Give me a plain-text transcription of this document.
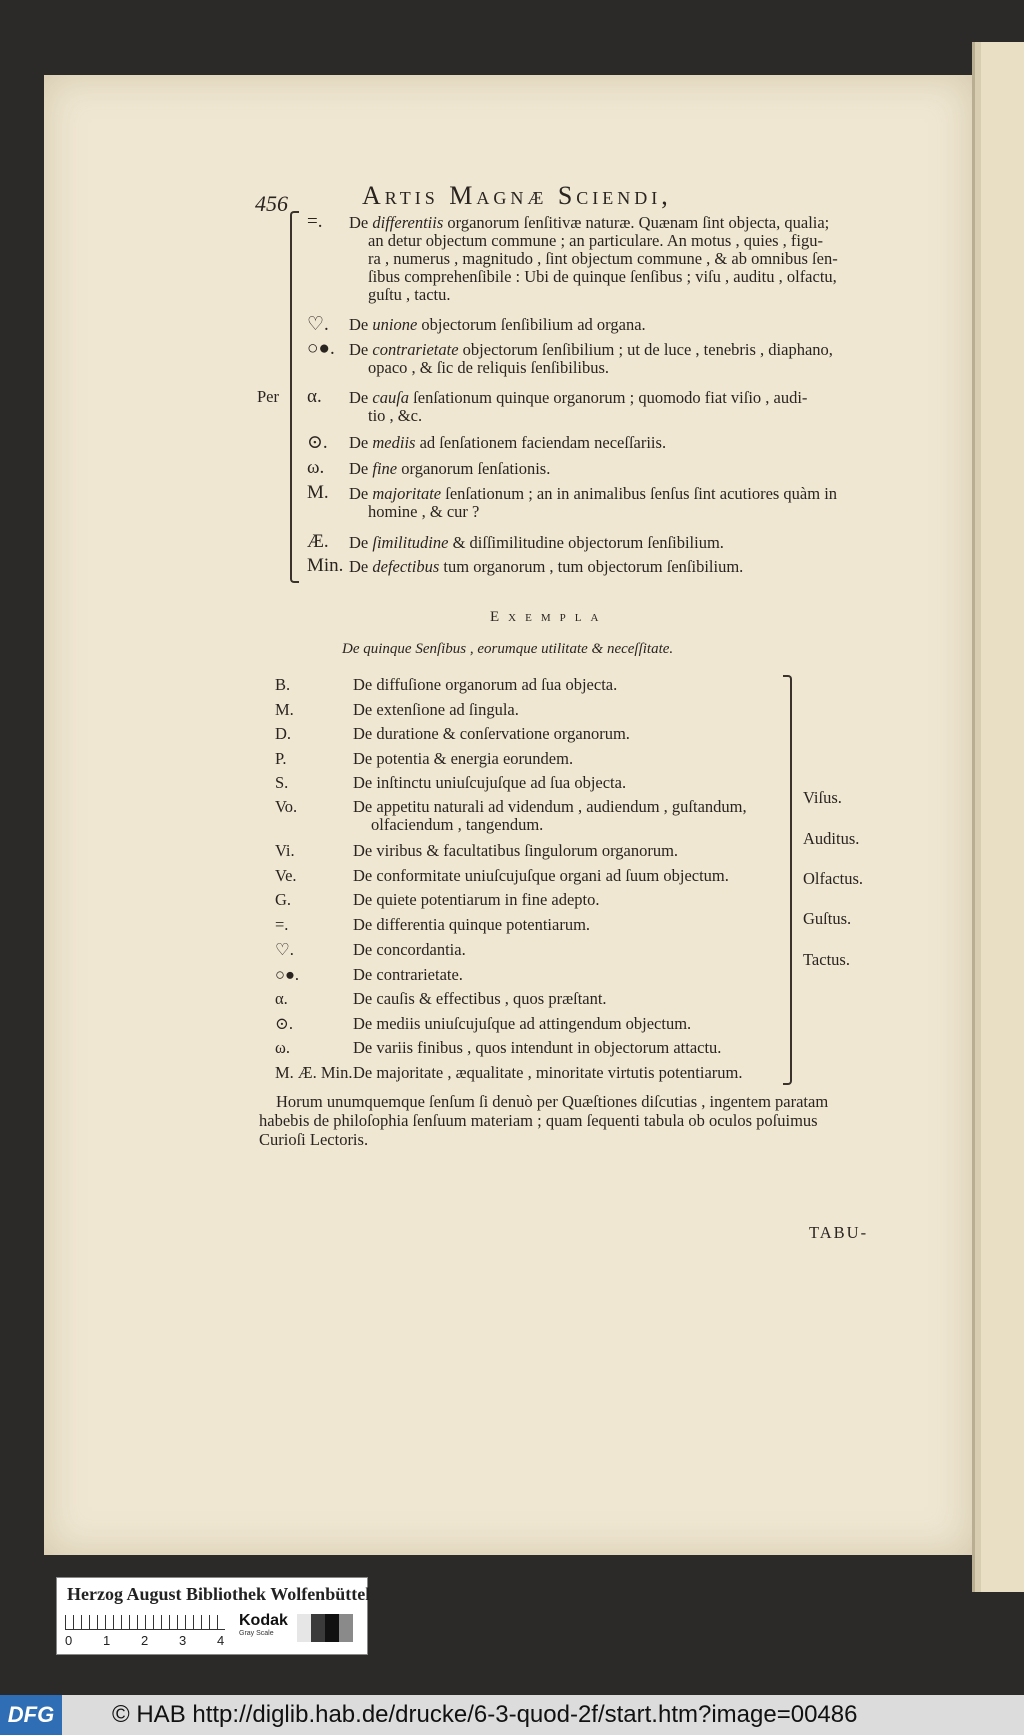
456	Artis Magnæ Sciendi,
=. De differentiis organorum ſenſitivæ naturæ. Quænam ſint objecta, qualia;
an detur objectum commune ; an particulare. An motus , quies , figu-
ra , numerus , magnitudo , ſint objectum commune , & ab omnibus ſen-
ſibus comprehenſibile : Ubi de quinque ſenſibus ; viſu , auditu , olfactu,
guſtu , tactu.
♡. De unione objectorum ſenſibilium ad organa.
○●. De contrarietate objectorum ſenſibilium ; ut de luce , tenebris , diaphano,
opaco , & ſic de reliquis ſenſibilibus.
α. De cauſa ſenſationum quinque organorum ; quomodo fiat viſio , audi-
tio , &c.
⊙. De mediis ad ſenſationem faciendam neceſſariis.
ω. De fine organorum ſenſationis.
M. De majoritate ſenſationum ; an in animalibus ſenſus ſint acutiores quàm in
homine , & cur ?
Æ. De ſimilitudine & diſſimilitudine objectorum ſenſibilium.
Min. De defectibus tum organorum , tum objectorum ſenſibilium.
Per
Exempla
De quinque Senſibus , eorumque utilitate & neceſſitate.
B.	De diffuſione organorum ad ſua objecta.
M.	De extenſione ad ſingula.
D.	De duratione & conſervatione organorum.
P.	De potentia & energia eorundem.
S.	De inſtinctu uniuſcujuſque ad ſua objecta.
Vo.	De appetitu naturali ad videndum , audiendum , guſtandum,
olfaciendum , tangendum.
Vi.	De viribus & facultatibus ſingulorum organorum.
Ve.	De conformitate uniuſcujuſque organi ad ſuum objectum.
G.	De quiete potentiarum in fine adepto.
=.	De differentia quinque potentiarum.
♡.	De concordantia.
○●.	De contrarietate.
α.	De cauſis & effectibus , quos præſtant.
⊙.	De mediis uniuſcujuſque ad attingendum objectum.
ω.	De variis finibus , quos intendunt in objectorum attactu.
M. Æ. Min. De majoritate , æqualitate , minoritate virtutis potentiarum.
Viſus.
Auditus.
Olfactus.
Guſtus.
Tactus.
Horum unumquemque ſenſum ſi denuò per Quæſtiones diſcutias , ingentem paratam
habebis de philoſophia ſenſuum materiam ; quam ſequenti tabula ob oculos poſuimus
Curioſi Lectoris.
TABU-
Herzog August Bibliothek Wolfenbüttel
0 1 2 3 4
Kodak
Gray Scale
DFG	© HAB http://diglib.hab.de/drucke/6-3-quod-2f/start.htm?image=00486
